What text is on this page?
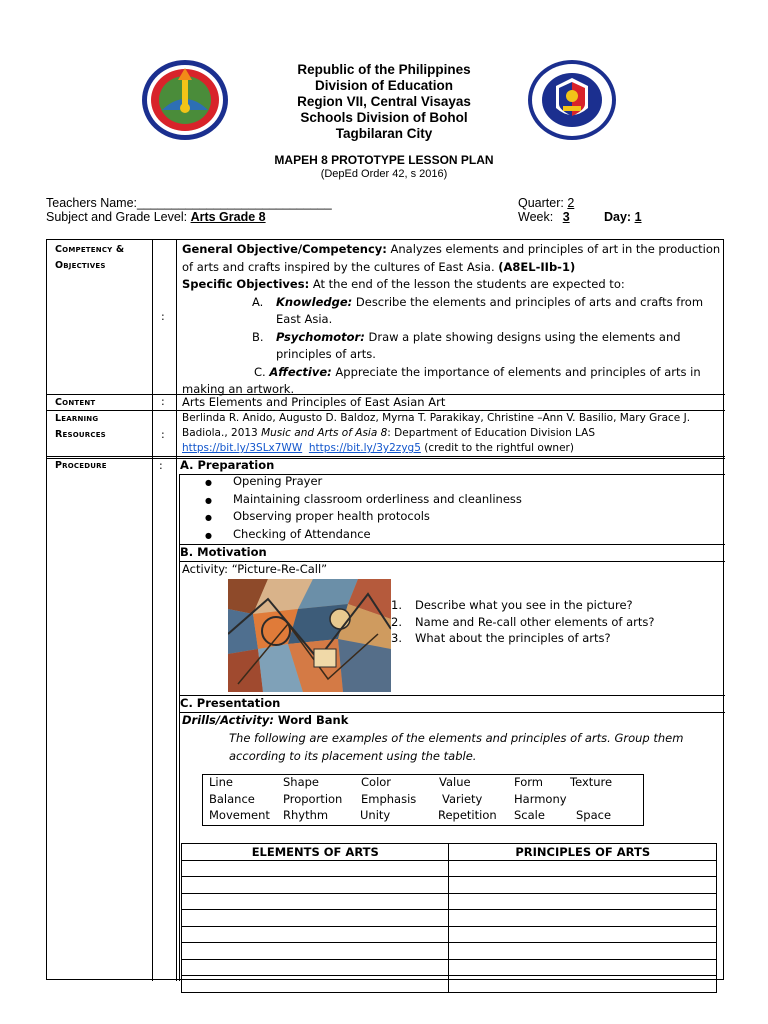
Republic of the Philippines
Division of Education
Region VII, Central Visayas
Schools Division of Bohol
Tagbilaran City
MAPEH 8 PROTOTYPE LESSON PLAN
(DepEd Order 42, s 2016)
Teachers Name:____________________________
Subject and Grade Level: Arts Grade 8
Quarter: 2
Week: 3	Day: 1
Competency &
Objectives
:
General Objective/Competency: Analyzes elements and principles of art in the production
of arts and crafts inspired by the cultures of East Asia. (A8EL-IIb-1)
Specific Objectives: At the end of the lesson the students are expected to:
A. Knowledge: Describe the elements and principles of arts and crafts from
East Asia.
B. Psychomotor: Draw a plate showing designs using the elements and
principles of arts.
C. Affective: Appreciate the importance of elements and principles of arts in
making an artwork.
Content	: Arts Elements and Principles of East Asian Art
Learning
Resources	:
Berlinda R. Anido, Augusto D. Baldoz, Myrna T. Parakikay, Christine –Ann V. Basilio, Mary Grace J.
Badiola., 2013 Music and Arts of Asia 8: Department of Education Division LAS
https://bit.ly/3SLx7WW https://bit.ly/3y2zyg5 (credit to the rightful owner)
Procedure	: A. Preparation
● Opening Prayer
● Maintaining classroom orderliness and cleanliness
● Observing proper health protocols
● Checking of Attendance
B. Motivation
Activity: “Picture-Re-Call”
1. Describe what you see in the picture?
2. Name and Re-call other elements of arts?
3. What about the principles of arts?
C. Presentation
Drills/Activity: Word Bank
The following are examples of the elements and principles of arts. Group them
according to its placement using the table.
Line	Shape	Color	Value	Form Texture
Balance Proportion Emphasis Variety	Harmony
Movement Rhythm	Unity	Repetition Scale	Space
ELEMENTS OF ARTS	PRINCIPLES OF ARTS
